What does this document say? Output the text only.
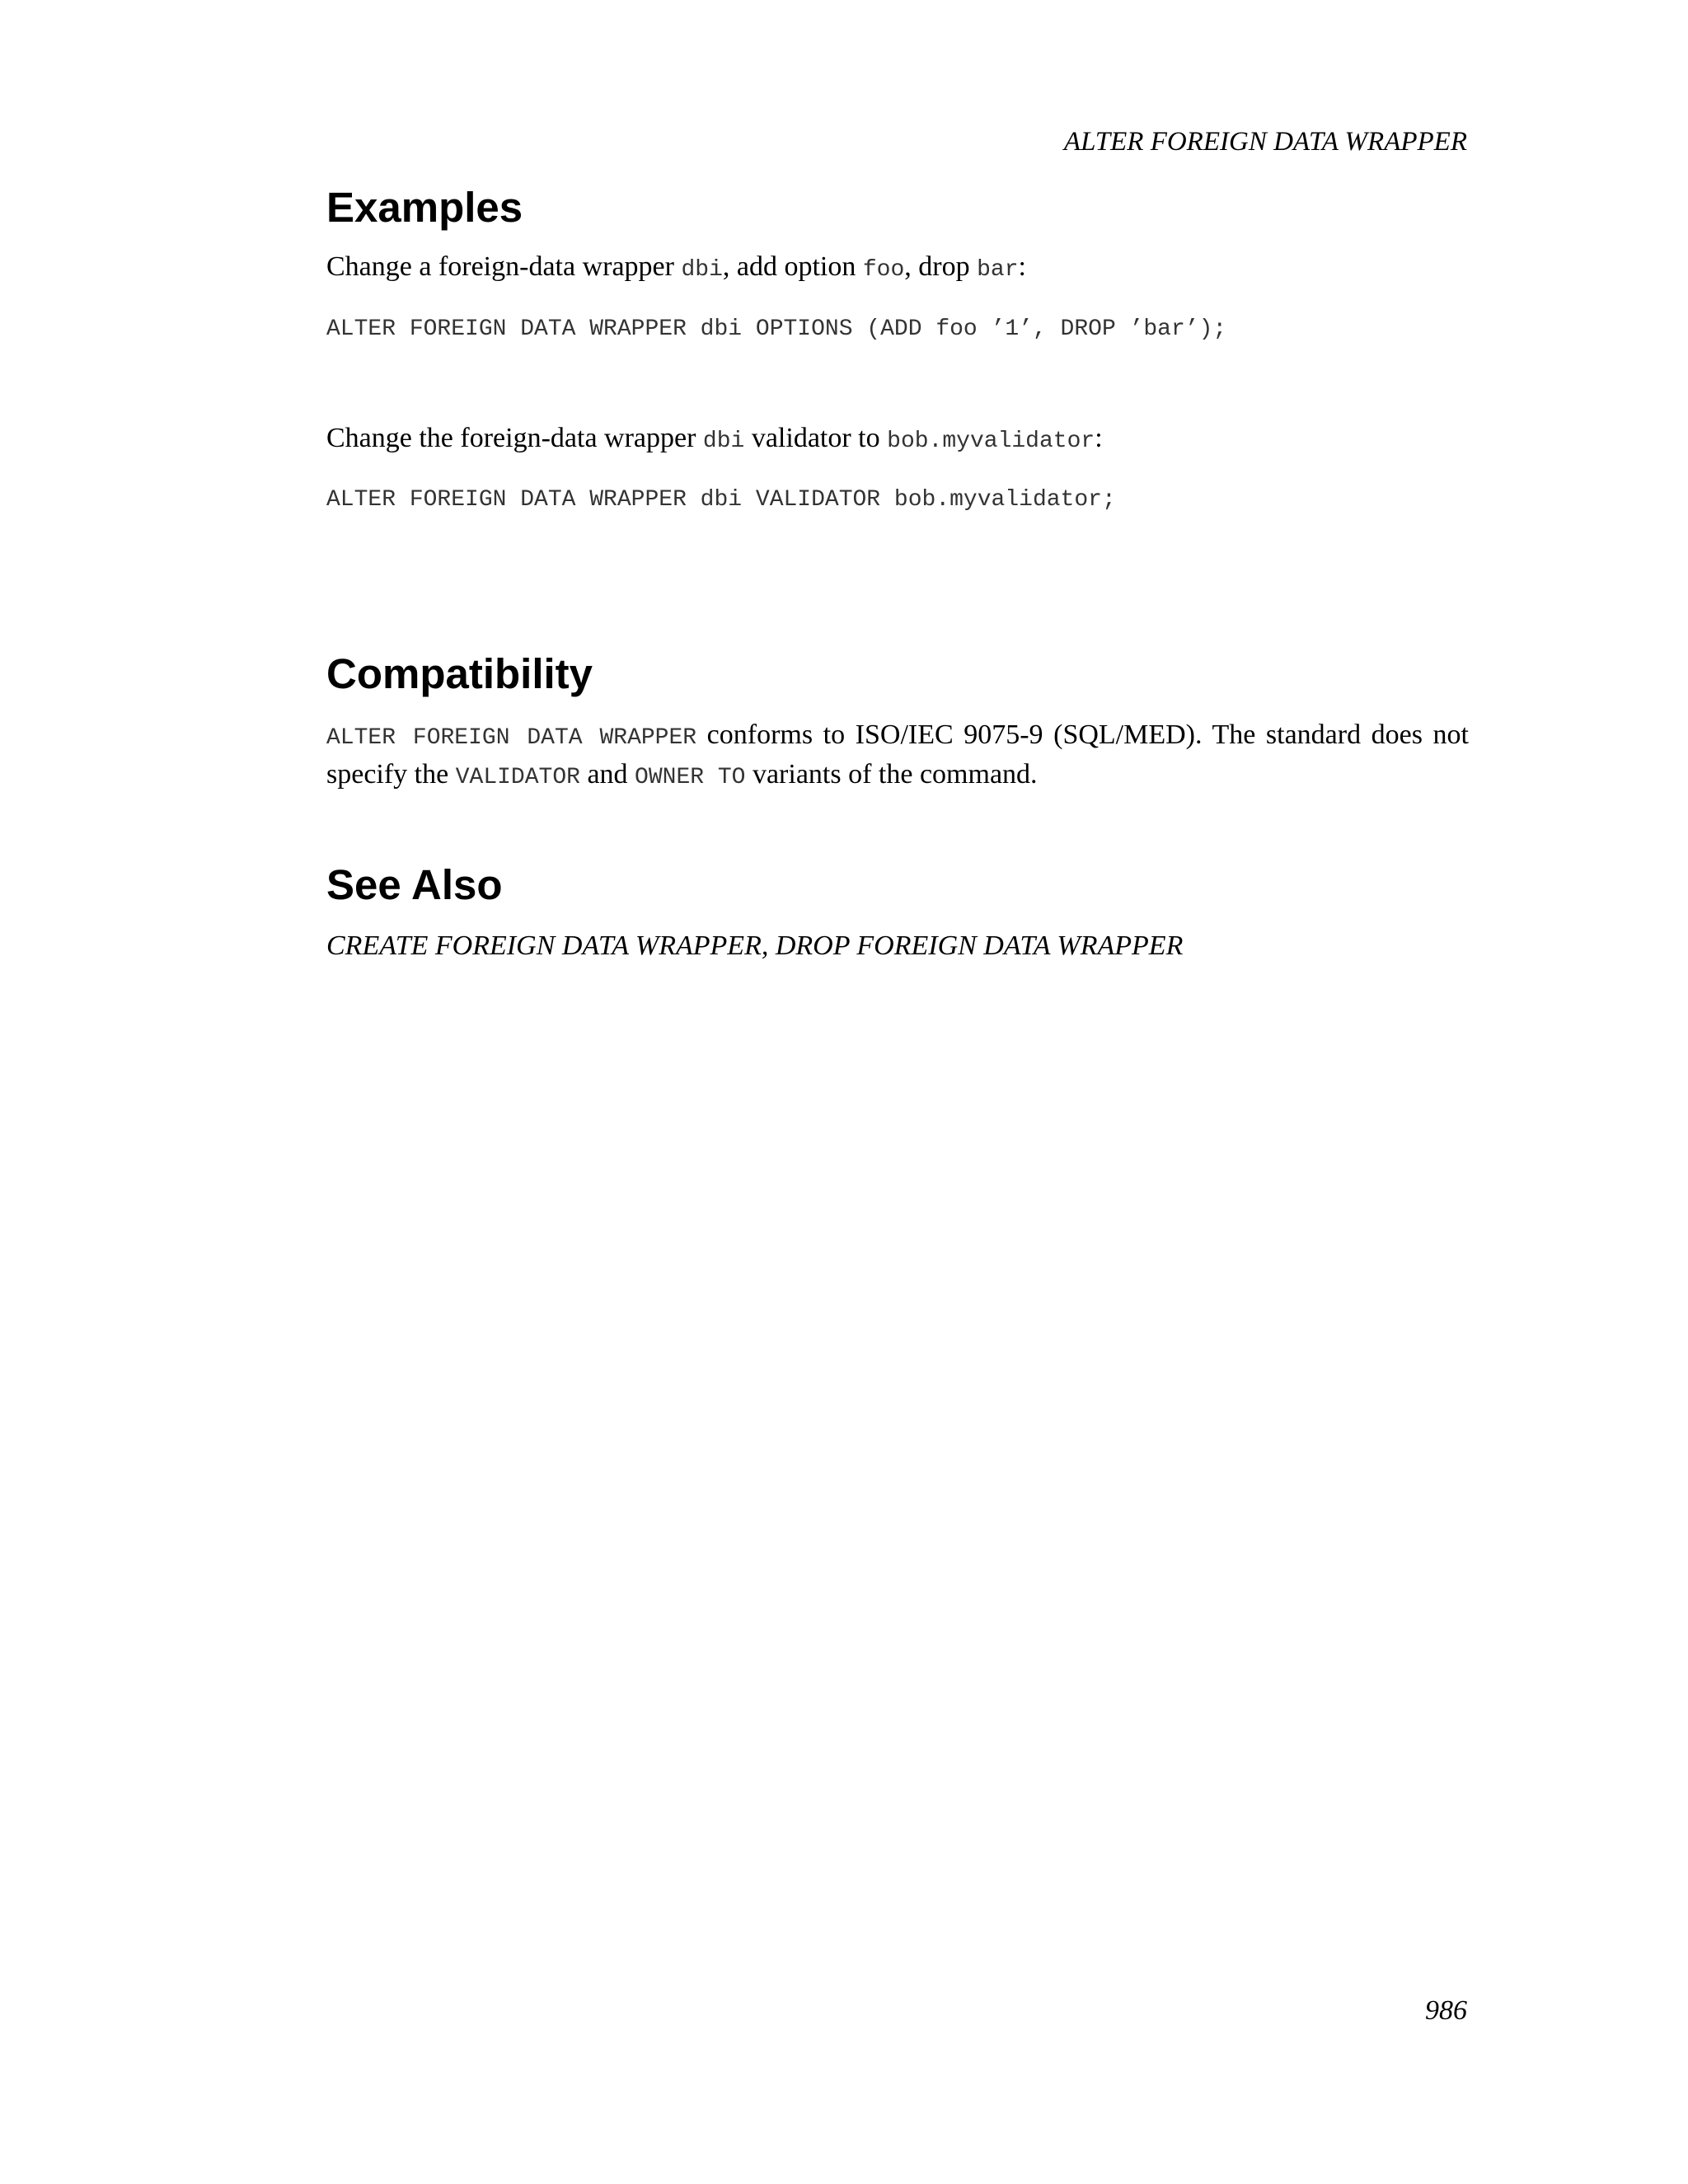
ALTER FOREIGN DATA WRAPPER
Examples

Change a foreign-data wrapper dbi, add option foo, drop bar:

ALTER FOREIGN DATA WRAPPER dbi OPTIONS (ADD foo ’1’, DROP ’bar’);

Change the foreign-data wrapper dbi validator to bob.myvalidator:

ALTER FOREIGN DATA WRAPPER dbi VALIDATOR bob.myvalidator;
Compatibility

ALTER FOREIGN DATA WRAPPER conforms to ISO/IEC 9075-9 (SQL/MED). The standard does not specify the VALIDATOR and OWNER TO variants of the command.

See Also

CREATE FOREIGN DATA WRAPPER, DROP FOREIGN DATA WRAPPER

986
